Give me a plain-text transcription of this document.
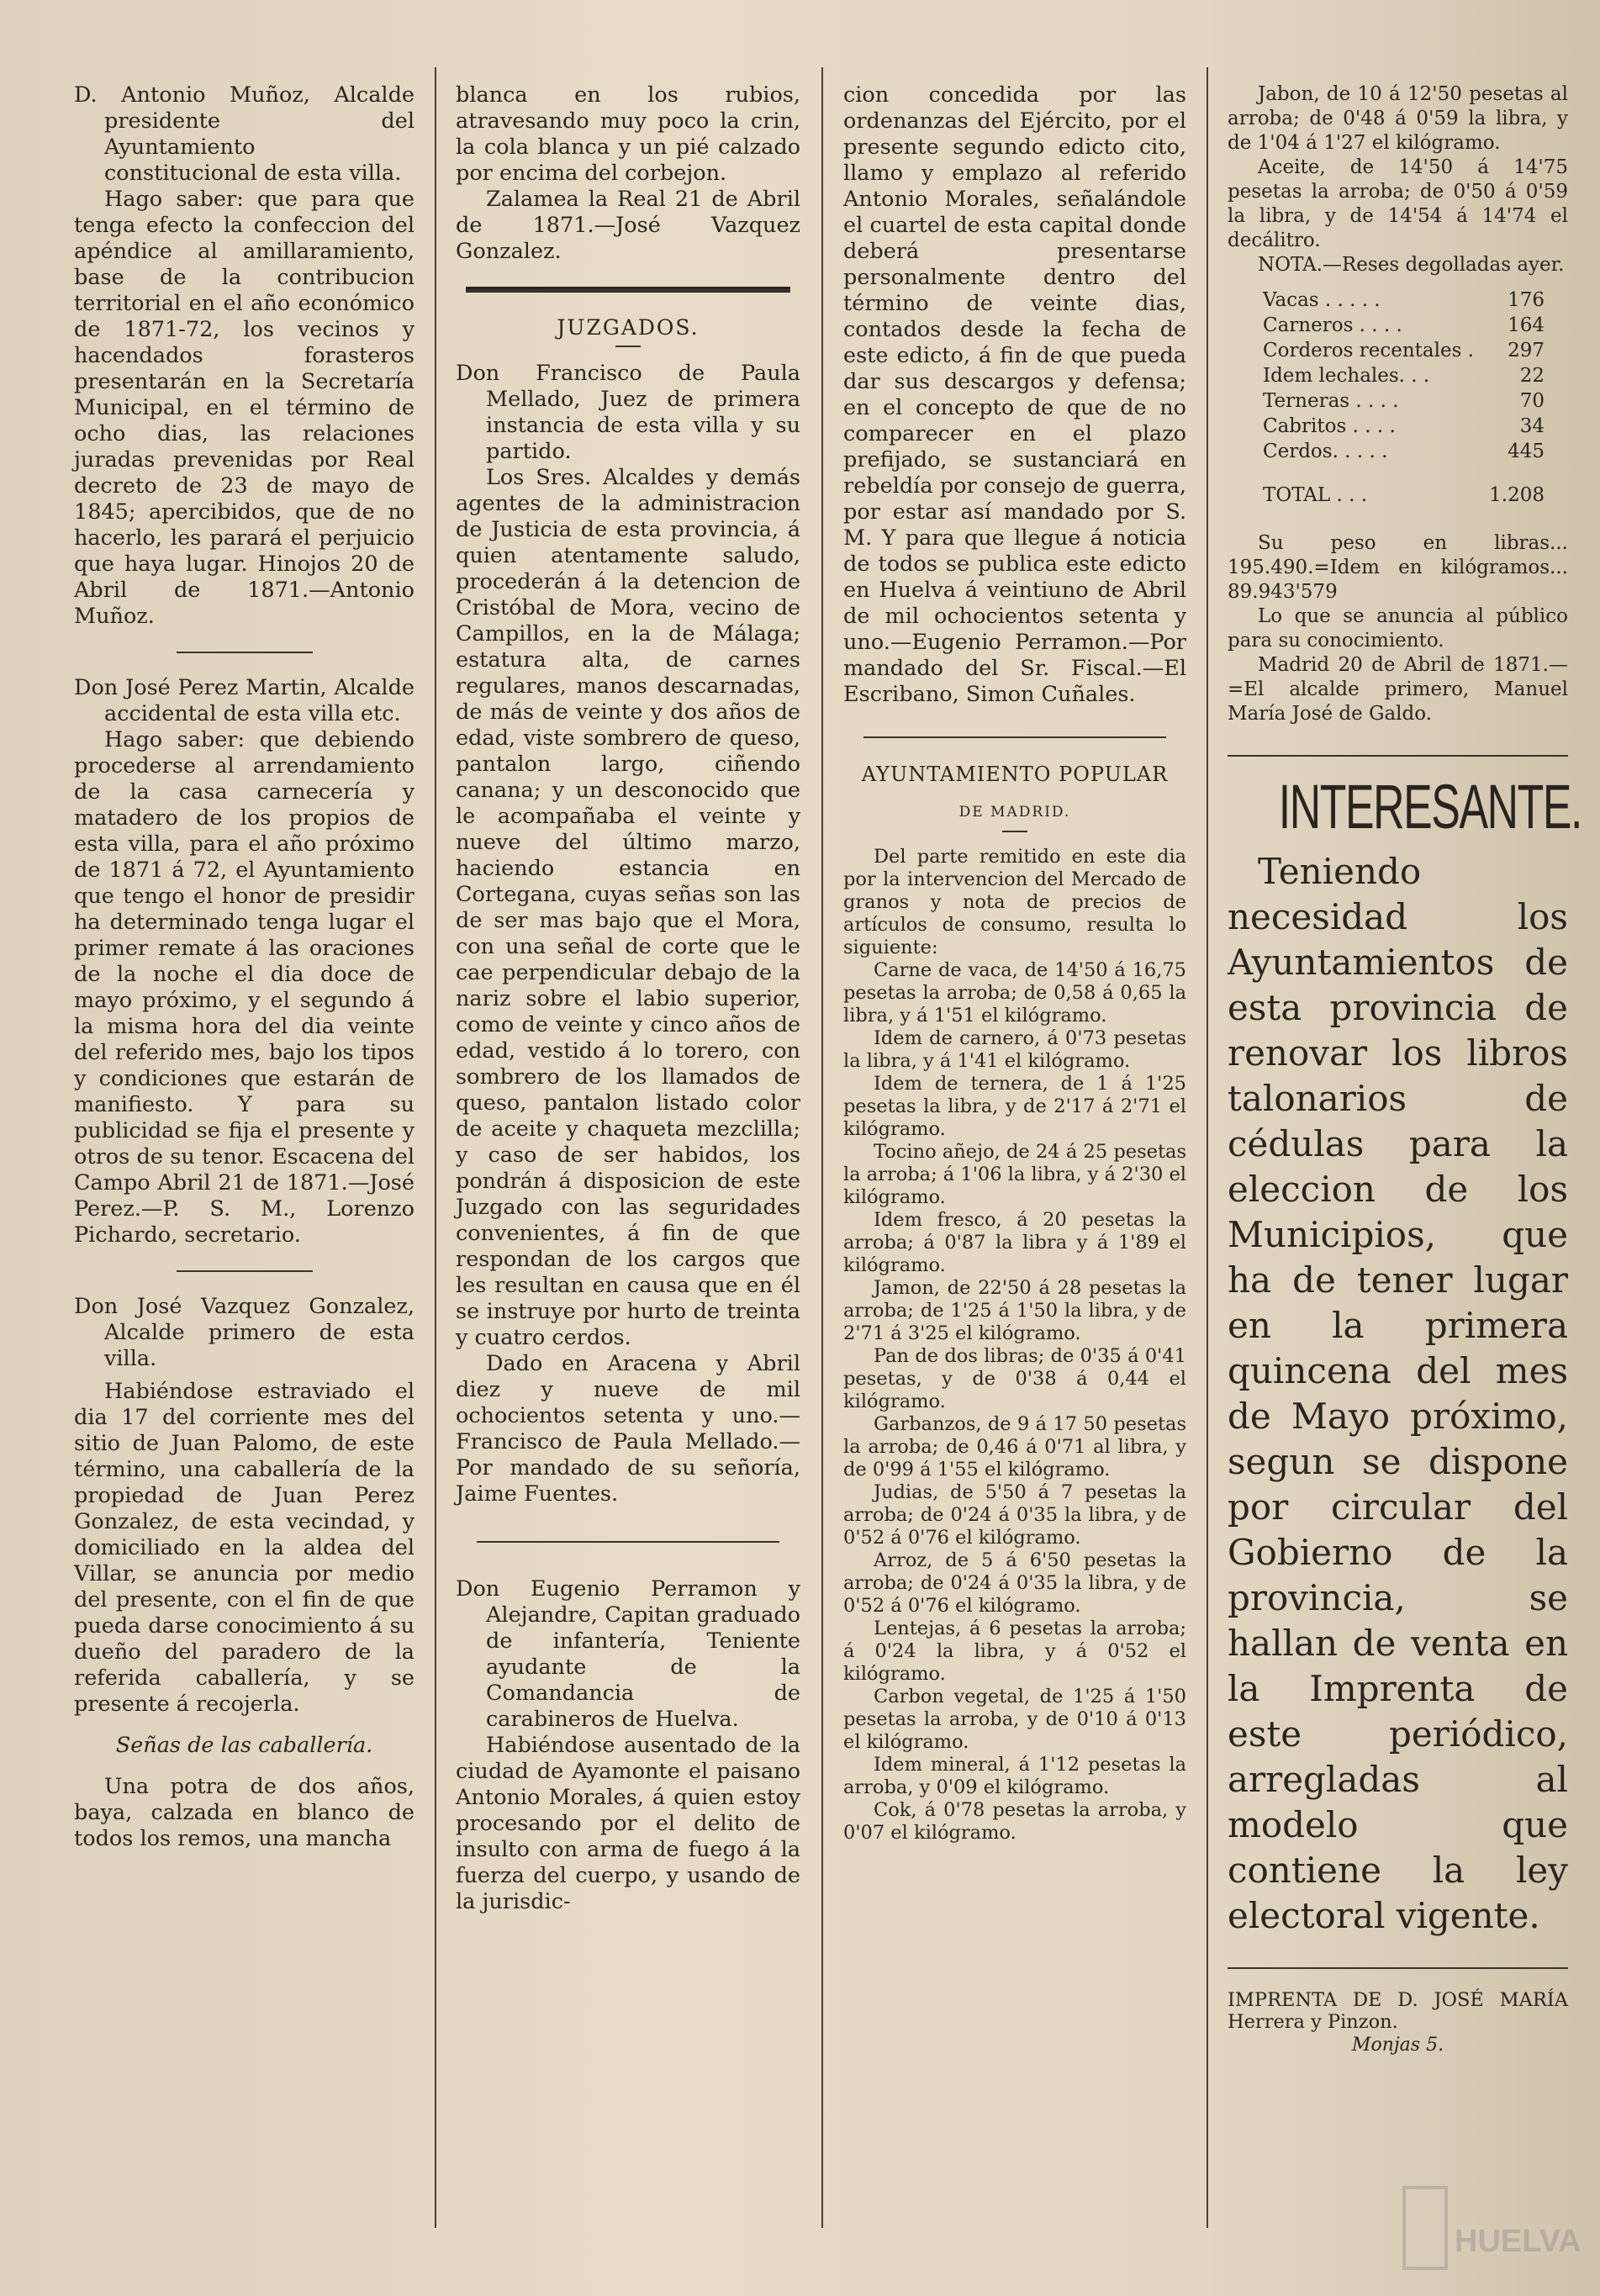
D. Antonio Muñoz, Alcalde presidente del Ayuntamiento constitucional de esta villa.

Hago saber: que para que tenga efecto la confeccion del apéndice al amillaramiento, base de la contribucion territorial en el año económico de 1871-72, los vecinos y hacendados forasteros presentarán en la Secretaría Municipal, en el término de ocho dias, las relaciones juradas prevenidas por Real decreto de 23 de mayo de 1845; apercibidos, que de no hacerlo, les parará el perjuicio que haya lugar. Hinojos 20 de Abril de 1871.—Antonio Muñoz.

Don José Perez Martin, Alcalde accidental de esta villa etc.

Hago saber: que debiendo procederse al arrendamiento de la casa carnecería y matadero de los propios de esta villa, para el año próximo de 1871 á 72, el Ayuntamiento que tengo el honor de presidir ha determinado tenga lugar el primer remate á las oraciones de la noche el dia doce de mayo próximo, y el segundo á la misma hora del dia veinte del referido mes, bajo los tipos y condiciones que estarán de manifiesto. Y para su publicidad se fija el presente y otros de su tenor. Escacena del Campo Abril 21 de 1871.—José Perez.—P. S. M., Lorenzo Pichardo, secretario.

Don José Vazquez Gonzalez, Alcalde primero de esta villa.

Habiéndose estraviado el dia 17 del corriente mes del sitio de Juan Palomo, de este término, una caballería de la propiedad de Juan Perez Gonzalez, de esta vecindad, y domiciliado en la aldea del Villar, se anuncia por medio del presente, con el fin de que pueda darse conocimiento á su dueño del paradero de la referida caballería, y se presente á recojerla.

Señas de las caballería.

Una potra de dos años, baya, calzada en blanco de todos los remos, una mancha

blanca en los rubios, atravesando muy poco la crin, la cola blanca y un pié calzado por encima del corbejon.

Zalamea la Real 21 de Abril de 1871.—José Vazquez Gonzalez.

JUZGADOS.

Don Francisco de Paula Mellado, Juez de primera instancia de esta villa y su partido.

Los Sres. Alcaldes y demás agentes de la administracion de Justicia de esta provincia, á quien atentamente saludo, procederán á la detencion de Cristóbal de Mora, vecino de Campillos, en la de Málaga; estatura alta, de carnes regulares, manos descarnadas, de más de veinte y dos años de edad, viste sombrero de queso, pantalon largo, ciñendo canana; y un desconocido que le acompañaba el veinte y nueve del último marzo, haciendo estancia en Cortegana, cuyas señas son las de ser mas bajo que el Mora, con una señal de corte que le cae perpendicular debajo de la nariz sobre el labio superior, como de veinte y cinco años de edad, vestido á lo torero, con sombrero de los llamados de queso, pantalon listado color de aceite y chaqueta mezclilla; y caso de ser habidos, los pondrán á disposicion de este Juzgado con las seguridades convenientes, á fin de que respondan de los cargos que les resultan en causa que en él se instruye por hurto de treinta y cuatro cerdos.

Dado en Aracena y Abril diez y nueve de mil ochocientos setenta y uno.—Francisco de Paula Mellado.—Por mandado de su señoría, Jaime Fuentes.

Don Eugenio Perramon y Alejandre, Capitan graduado de infantería, Teniente ayudante de la Comandancia de carabineros de Huelva.

Habiéndose ausentado de la ciudad de Ayamonte el paisano Antonio Morales, á quien estoy procesando por el delito de insulto con arma de fuego á la fuerza del cuerpo, y usando de la jurisdic-

cion concedida por las ordenanzas del Ejército, por el presente segundo edicto cito, llamo y emplazo al referido Antonio Morales, señalándole el cuartel de esta capital donde deberá presentarse personalmente dentro del término de veinte dias, contados desde la fecha de este edicto, á fin de que pueda dar sus descargos y defensa; en el concepto de que de no comparecer en el plazo prefijado, se sustanciará en rebeldía por consejo de guerra, por estar así mandado por S. M. Y para que llegue á noticia de todos se publica este edicto en Huelva á veintiuno de Abril de mil ochocientos setenta y uno.—Eugenio Perramon.—Por mandado del Sr. Fiscal.—El Escribano, Simon Cuñales.

AYUNTAMIENTO POPULAR

DE MADRID.

Del parte remitido en este dia por la intervencion del Mercado de granos y nota de precios de artículos de consumo, resulta lo siguiente:

Carne de vaca, de 14'50 á 16,75 pesetas la arroba; de 0,58 á 0,65 la libra, y á 1'51 el kilógramo.

Idem de carnero, á 0'73 pesetas la libra, y á 1'41 el kilógramo.

Idem de ternera, de 1 á 1'25 pesetas la libra, y de 2'17 á 2'71 el kilógramo.

Tocino añejo, de 24 á 25 pesetas la arroba; á 1'06 la libra, y á 2'30 el kilógramo.

Idem fresco, á 20 pesetas la arroba; á 0'87 la libra y á 1'89 el kilógramo.

Jamon, de 22'50 á 28 pesetas la arroba; de 1'25 á 1'50 la libra, y de 2'71 á 3'25 el kilógramo.

Pan de dos libras; de 0'35 á 0'41 pesetas, y de 0'38 á 0,44 el kilógramo.

Garbanzos, de 9 á 17 50 pesetas la arroba; de 0,46 á 0'71 al libra, y de 0'99 á 1'55 el kilógramo.

Judias, de 5'50 á 7 pesetas la arroba; de 0'24 á 0'35 la libra, y de 0'52 á 0'76 el kilógramo.

Arroz, de 5 á 6'50 pesetas la arroba; de 0'24 á 0'35 la libra, y de 0'52 á 0'76 el kilógramo.

Lentejas, á 6 pesetas la arroba; á 0'24 la libra, y á 0'52 el kilógramo.

Carbon vegetal, de 1'25 á 1'50 pesetas la arroba, y de 0'10 á 0'13 el kilógramo.

Idem mineral, á 1'12 pesetas la arroba, y 0'09 el kilógramo.

Cok, á 0'78 pesetas la arroba, y 0'07 el kilógramo.

Jabon, de 10 á 12'50 pesetas al arroba; de 0'48 á 0'59 la libra, y de 1'04 á 1'27 el kilógramo.

Aceite, de 14'50 á 14'75 pesetas la arroba; de 0'50 á 0'59 la libra, y de 14'54 á 14'74 el decálitro.

NOTA.—Reses degolladas ayer.

Vacas . . . . .	176
Carneros . . . .	164
Corderos recentales .	297
Idem lechales. . .	22
Terneras . . . .	70
Cabritos . . . .	34
Cerdos. . . . .	445
TOTAL . . .	1.208

Su peso en libras... 195.490.=Idem en kilógramos... 89.943'579

Lo que se anuncia al público para su conocimiento.

Madrid 20 de Abril de 1871.—=El alcalde primero, Manuel María José de Galdo.

INTERESANTE.

Teniendo necesidad los Ayuntamientos de esta provincia de renovar los libros talonarios de cédulas para la eleccion de los Municipios, que ha de tener lugar en la primera quincena del mes de Mayo próximo, segun se dispone por circular del Gobierno de la provincia, se hallan de venta en la Imprenta de este periódico, arregladas al modelo que contiene la ley electoral vigente.

IMPRENTA DE D. JOSÉ MARÍA Herrera y Pinzon.

Monjas 5.

HUELVA
